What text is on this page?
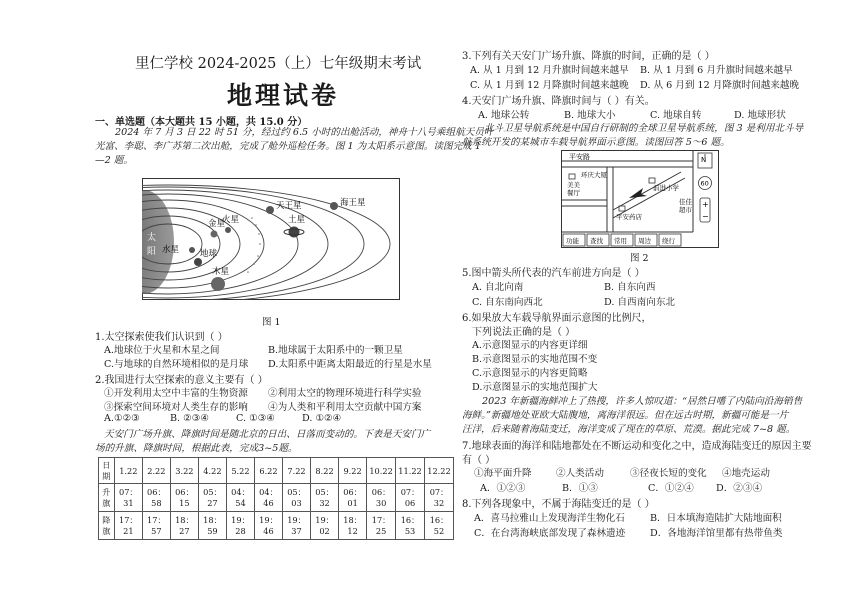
里仁学校 2024-2025（上）七年级期末考试
地理试卷
一、单选题（本大题共 15 小题，共 15.0 分）
2024 年 7 月 3 日 22 时 51 分，经过约 6.5 小时的出舱活动，神舟十八号乘组航天员叶
光富、李聪、李广苏第二次出舱，完成了舱外巡检任务。图 1 为太阳系示意图。读图完成 1
—2 题。
太
阳 水星
金星
地球
火星
木星
土星
天王星	海王星
图 1
1.太空探索使我们认识到（ ）
A.地球位于火星和木星之间	B.地球属于太阳系中的一颗卫星
C.与地球的自然环境相似的是月球 D.太阳系中距离太阳最近的行星是水星
2.我国进行太空探索的意义主要有（ ）
①开发利用太空中丰富的生物资源 ②利用太空的物理环境进行科学实验
③探索空间环境对人类生存的影响 ④为人类和平利用太空贡献中国方案
A.①②③	B. ②③④	C. ①③④	D. ①②④
天安门广场升旗、降旗时间是随北京的日出、日落而变动的。下表是天安门广
场的升旗、降旗时间，根据此表，完成3~5题。
日期	1.22	2.22	3.22	4.22	5.22	6.22	7.22	8.22	9.22	10.22	11.22	12.22
升旗	07：31	06：58	06：15	05：27	04：54	04：46	05：03	05：32	06：01	06：30	07：06	07：32
降旗	17：21	17：57	18：27	18：59	19：28	19：46	19：37	19：02	18：12	17：25	16：53	16：52
3.下列有关天安门广场升旗、降旗的时间，正确的是（ ）
A. 从 1 月到 12 月升旗时间越来越早 B. 从 1 月到 6 月升旗时间越来越早
C. 从 1 月到 12 月降旗时间越来越晚 D. 从 6 月到 12 月降旗时间越来越晚
4.天安门广场升旗、降旗时间与（ ）有关。
A. 地球公转	B. 地球大小	C. 地球自转	D. 地球形状
北斗卫星导航系统是中国自行研制的全球卫星导航系统，图 3 是利用北斗导
航系统开发的某城市车载导航界面示意图。读图回答 5～6 题。
N
60
+
−
平安路
环庆大厦
美美
餐厅
平安药店
前进小学
佳佳
超市
功能 查找 常用 周边 绕行
图 2
5.图中箭头所代表的汽车前进方向是（ ）
A. 自北向南	B. 自东向西
C. 自东南向西北	D. 自西南向东北
6.如果放大车载导航界面示意图的比例尺，
下列说法正确的是（ ）
A.示意图显示的内容更详细
B.示意图显示的实地范围不变
C.示意图显示的内容更简略
D.示意图显示的实地范围扩大
2023 年新疆海鲜冲上了热搜，许多人惊叹道：“居然日嗜了内陆向沿海销售
海鲜。”新疆地处亚欧大陆腹地，离海洋很远。但在远古时期，新疆可能是一片
汪洋，后来随着海陆变迁，海洋变成了现在的草原、荒漠。据此完成 7~8 题。
7.地球表面的海洋和陆地都处在不断运动和变化之中，造成海陆变迁的原因主要
有（ ）
①海平面升降	②人类活动	③径夜长短的变化 ④地壳运动
A．①②③	B．①③	C．①②④ D．②③④
8.下列各现象中，不属于海陆变迁的是（ ）
A．喜马拉雅山上发现海洋生物化石	B．日本填海造陆扩大陆地面积
C．在台湾海峡底部发现了森林遗迹	D．各地海洋馆里都有热带鱼类
